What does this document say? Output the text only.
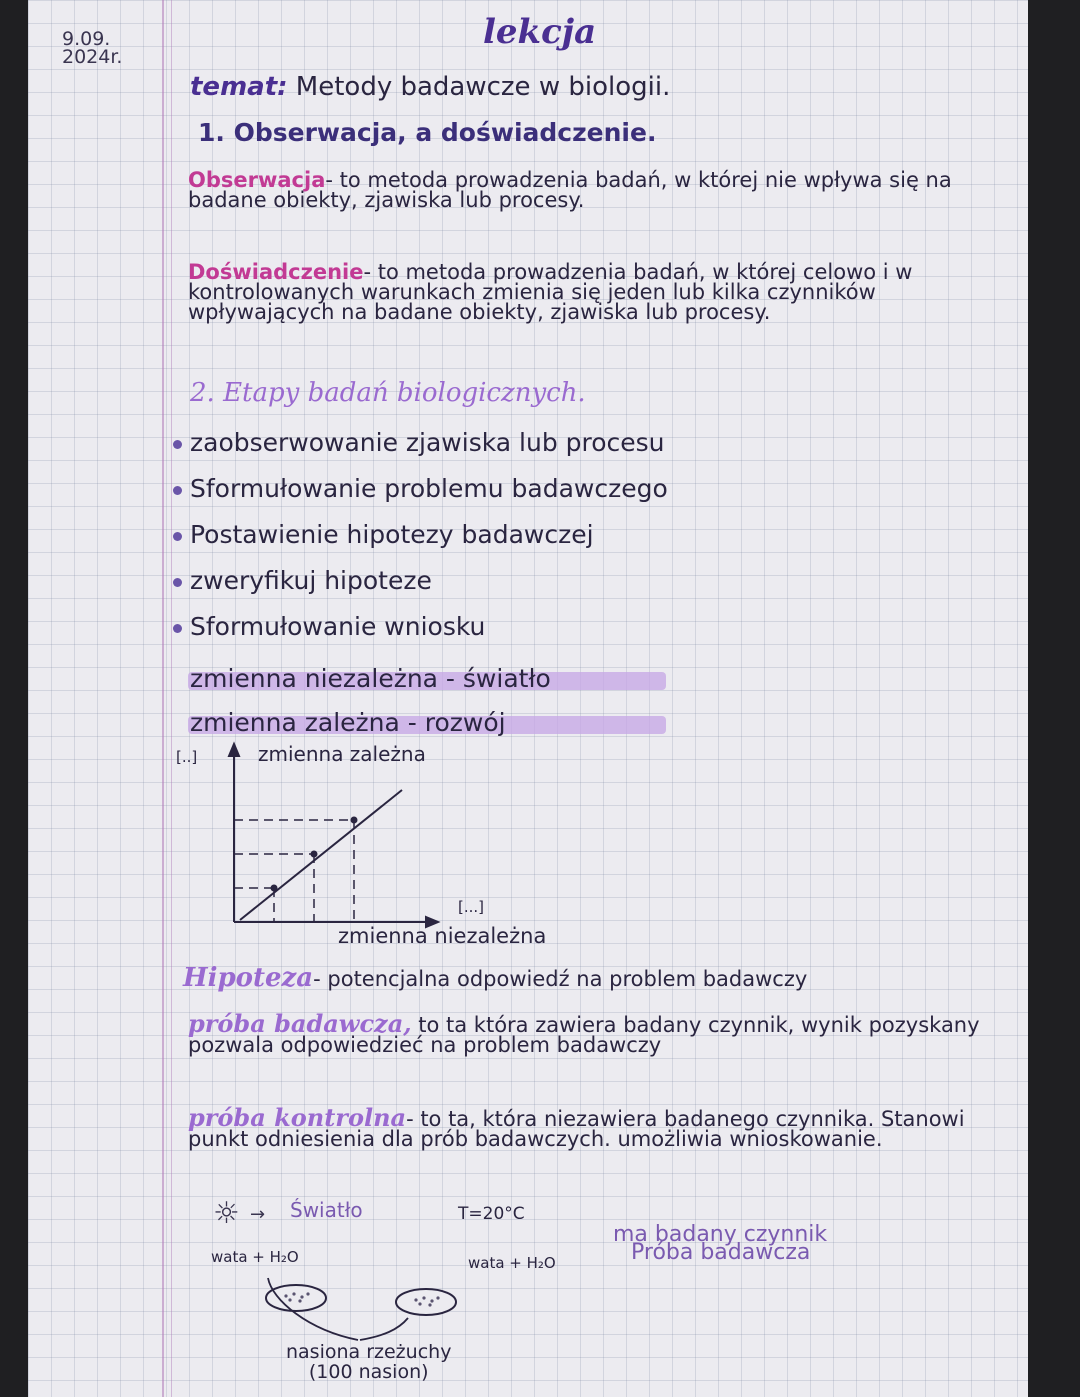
9.09.
2024r.
lekcja
temat: Metody badawcze w biologii.
1. Obserwacja, a doświadczenie.
Obserwacja- to metoda prowadzenia badań, w której nie wpływa się na badane obiekty, zjawiska lub procesy.
Doświadczenie- to metoda prowadzenia badań, w której celowo i w kontrolowanych warunkach zmienia się jeden lub kilka czynników wpływających na badane obiekty, zjawiska lub procesy.
2. Etapy badań biologicznych.
zaobserwowanie zjawiska lub procesu
Sformułowanie problemu badawczego
Postawienie hipotezy badawczej
zweryfikuj hipoteze
Sformułowanie wniosku
zmienna niezależna - światło
zmienna zależna - rozwój
[..]	zmienna zależna
[...]
zmienna niezależna
Hipoteza- potencjalna odpowiedź na problem badawczy
próba badawcza, to ta która zawiera badany czynnik, wynik pozyskany pozwala odpowiedzieć na problem badawczy
próba kontrolna- to ta, która niezawiera badanego czynnika. Stanowi punkt odniesienia dla prób badawczych. umożliwia wnioskowanie.
☼ → Światło	T=20°C
wata + H₂O	wata + H₂O
ma badany czynnik
Próba badawcza
nasiona rzeżuchy
(100 nasion)
